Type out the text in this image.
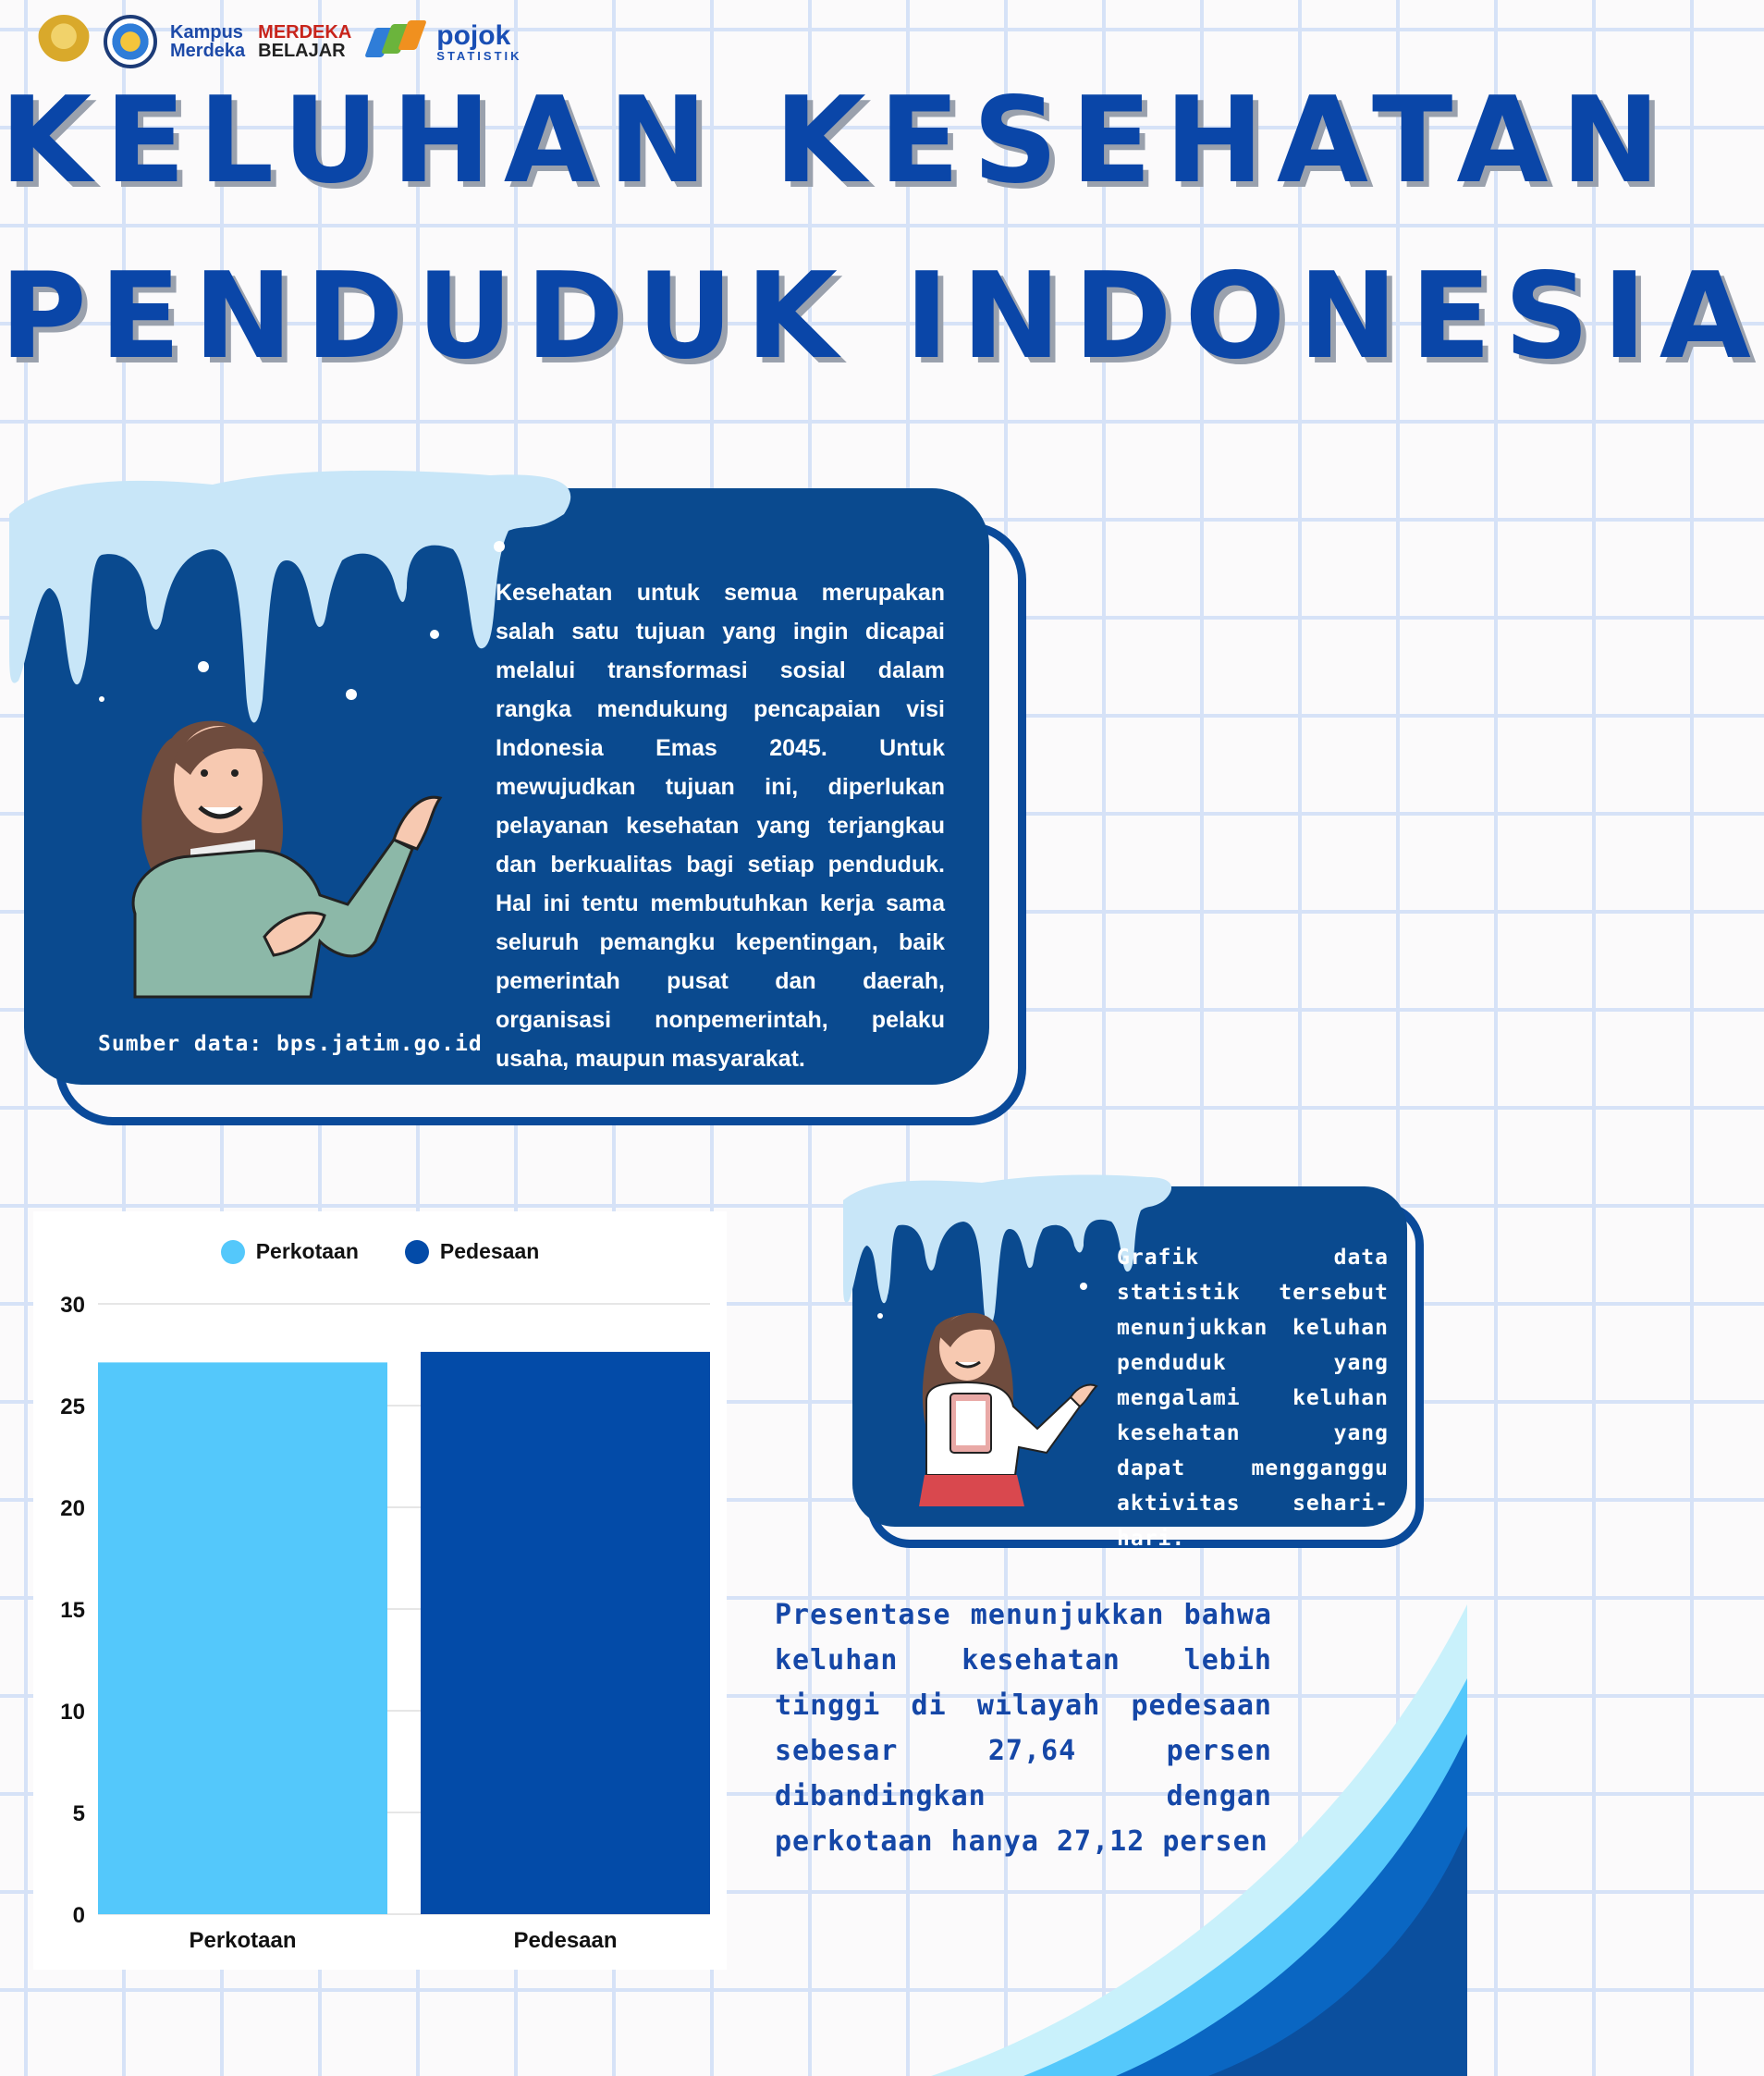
Kampus
Merdeka
MERDEKA
BELAJAR
pojok
STATISTIK
KELUHAN KESEHATAN
PENDUDUK INDONESIA

Kesehatan untuk semua merupakan salah satu tujuan yang ingin dicapai melalui transformasi sosial dalam rangka mendukung pencapaian visi Indonesia Emas 2045. Untuk mewujudkan tujuan ini, diperlukan pelayanan kesehatan yang terjangkau dan berkualitas bagi setiap penduduk. Hal ini tentu membutuhkan kerja sama seluruh pemangku kepentingan, baik pemerintah pusat dan daerah, organisasi nonpemerintah, pelaku usaha, maupun masyarakat.

Sumber data: bps.jatim.go.id

Grafik data statistik tersebut menunjukkan keluhan penduduk yang mengalami keluhan kesehatan yang dapat mengganggu aktivitas sehari-hari.

Presentase menunjukkan bahwa keluhan kesehatan lebih tinggi di wilayah pedesaan sebesar 27,64 persen dibandingkan dengan perkotaan hanya 27,12 persen

Perkotaan	Pedesaan
0
5
10
15
20
25
30
Perkotaan	Pedesaan
